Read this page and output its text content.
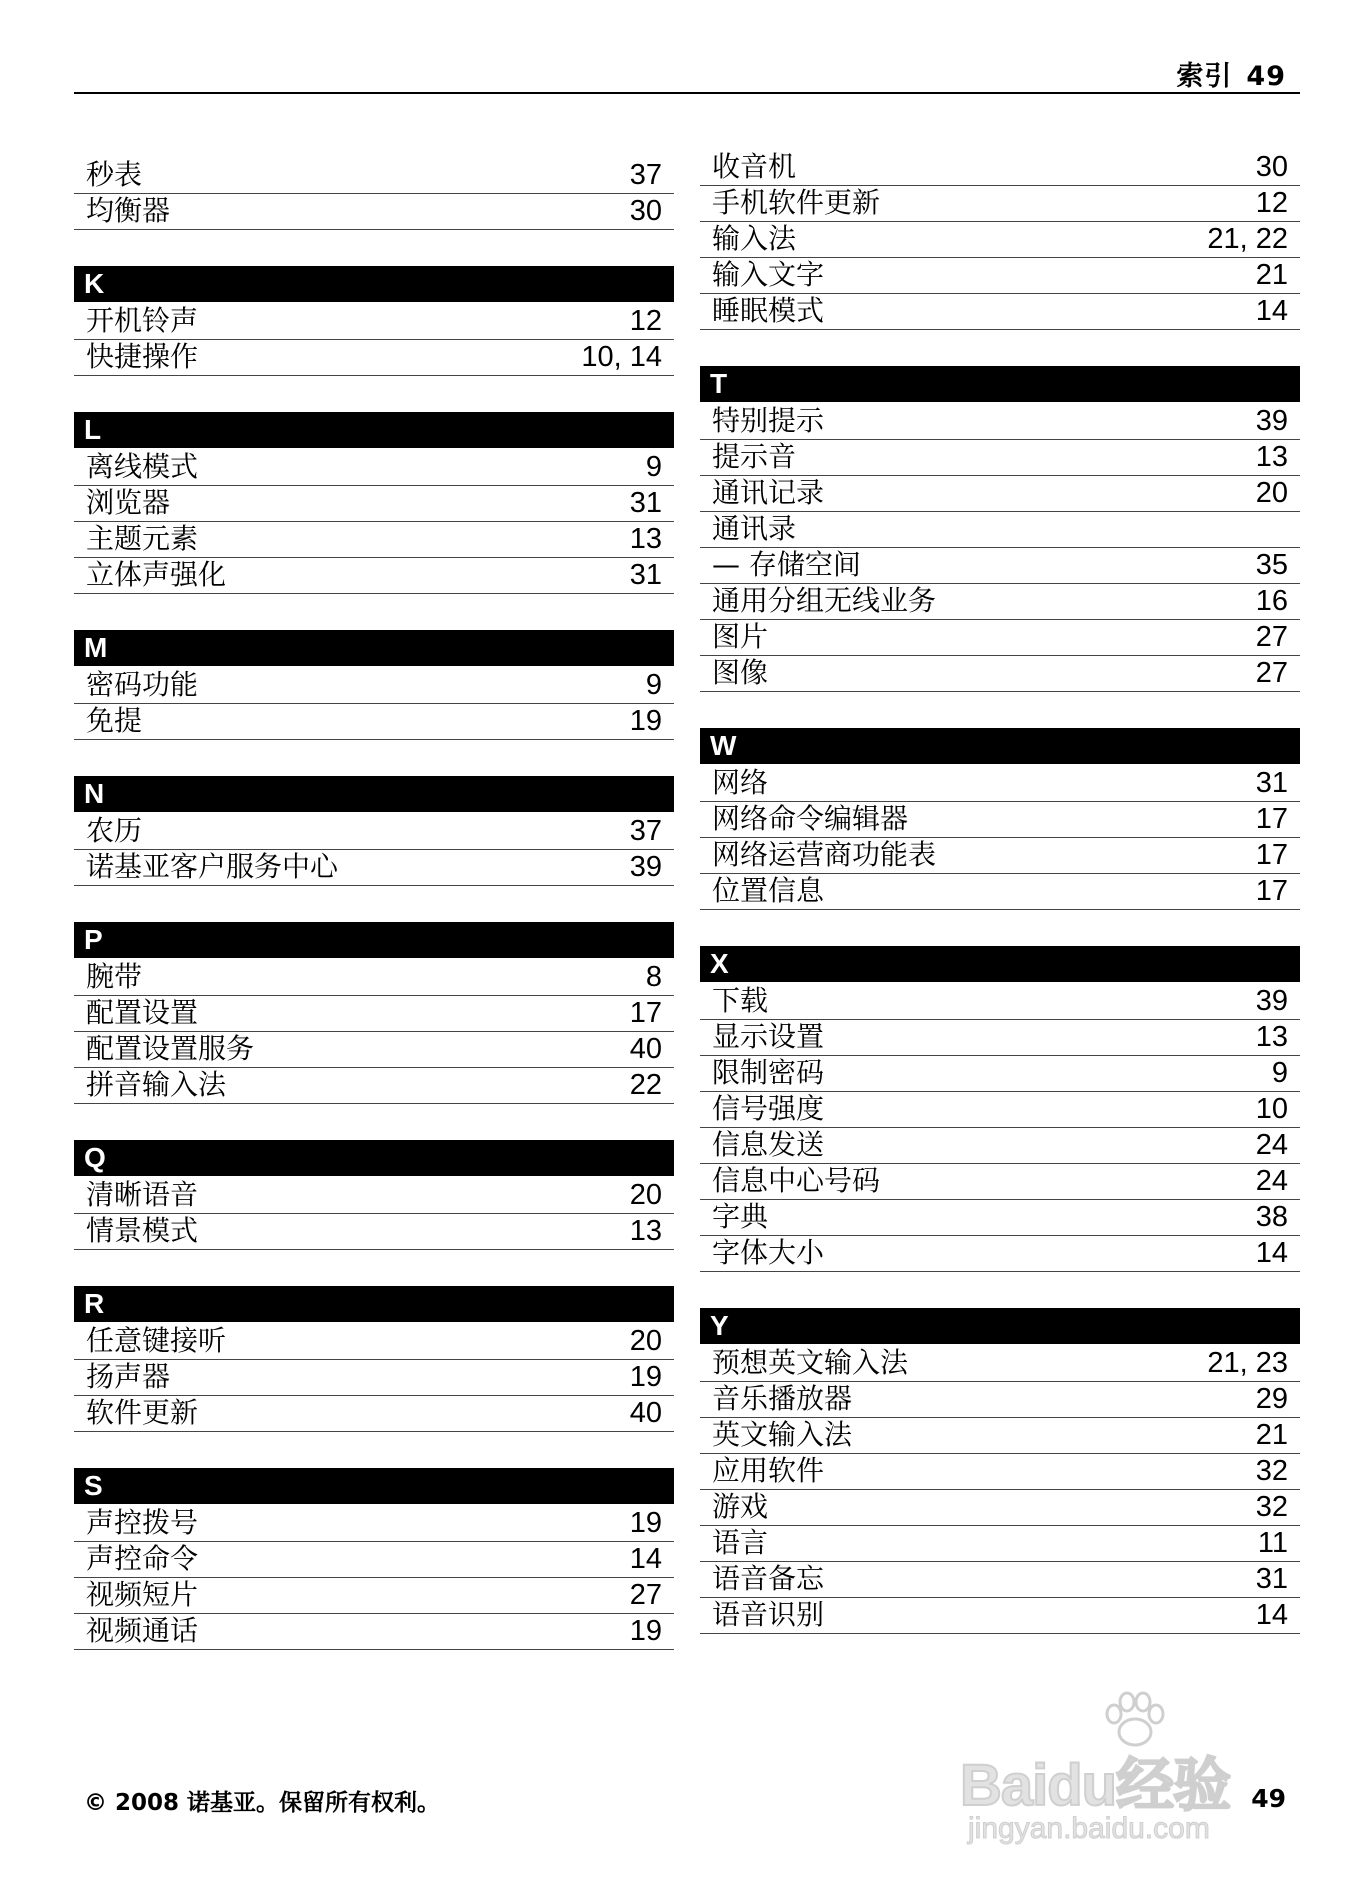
索引 49
秒表	37
均衡器	30
K
开机铃声	12
快捷操作	10, 14
L
离线模式	9
浏览器	31
主题元素	13
立体声强化	31
M
密码功能	9
免提	19
N
农历	37
诺基亚客户服务中心	39
P
腕带	8
配置设置	17
配置设置服务	40
拼音输入法	22
Q
清晰语音	20
情景模式	13
R
任意键接听	20
扬声器	19
软件更新	40
S
声控拨号	19
声控命令	14
视频短片	27
视频通话	19
收音机	30
手机软件更新	12
输入法	21, 22
输入文字	21
睡眠模式	14
T
特别提示	39
提示音	13
通讯记录	20
通讯录
— 存储空间	35
通用分组无线业务	16
图片	27
图像	27
W
网络	31
网络命令编辑器	17
网络运营商功能表	17
位置信息	17
X
下载	39
显示设置	13
限制密码	9
信号强度	10
信息发送	24
信息中心号码	24
字典	38
字体大小	14
Y
预想英文输入法	21, 23
音乐播放器	29
英文输入法	21
应用软件	32
游戏	32
语言	11
语音备忘	31
语音识别	14
© 2008 诺基亚。保留所有权利。	49
Baidu经验
jingyan.baidu.com
